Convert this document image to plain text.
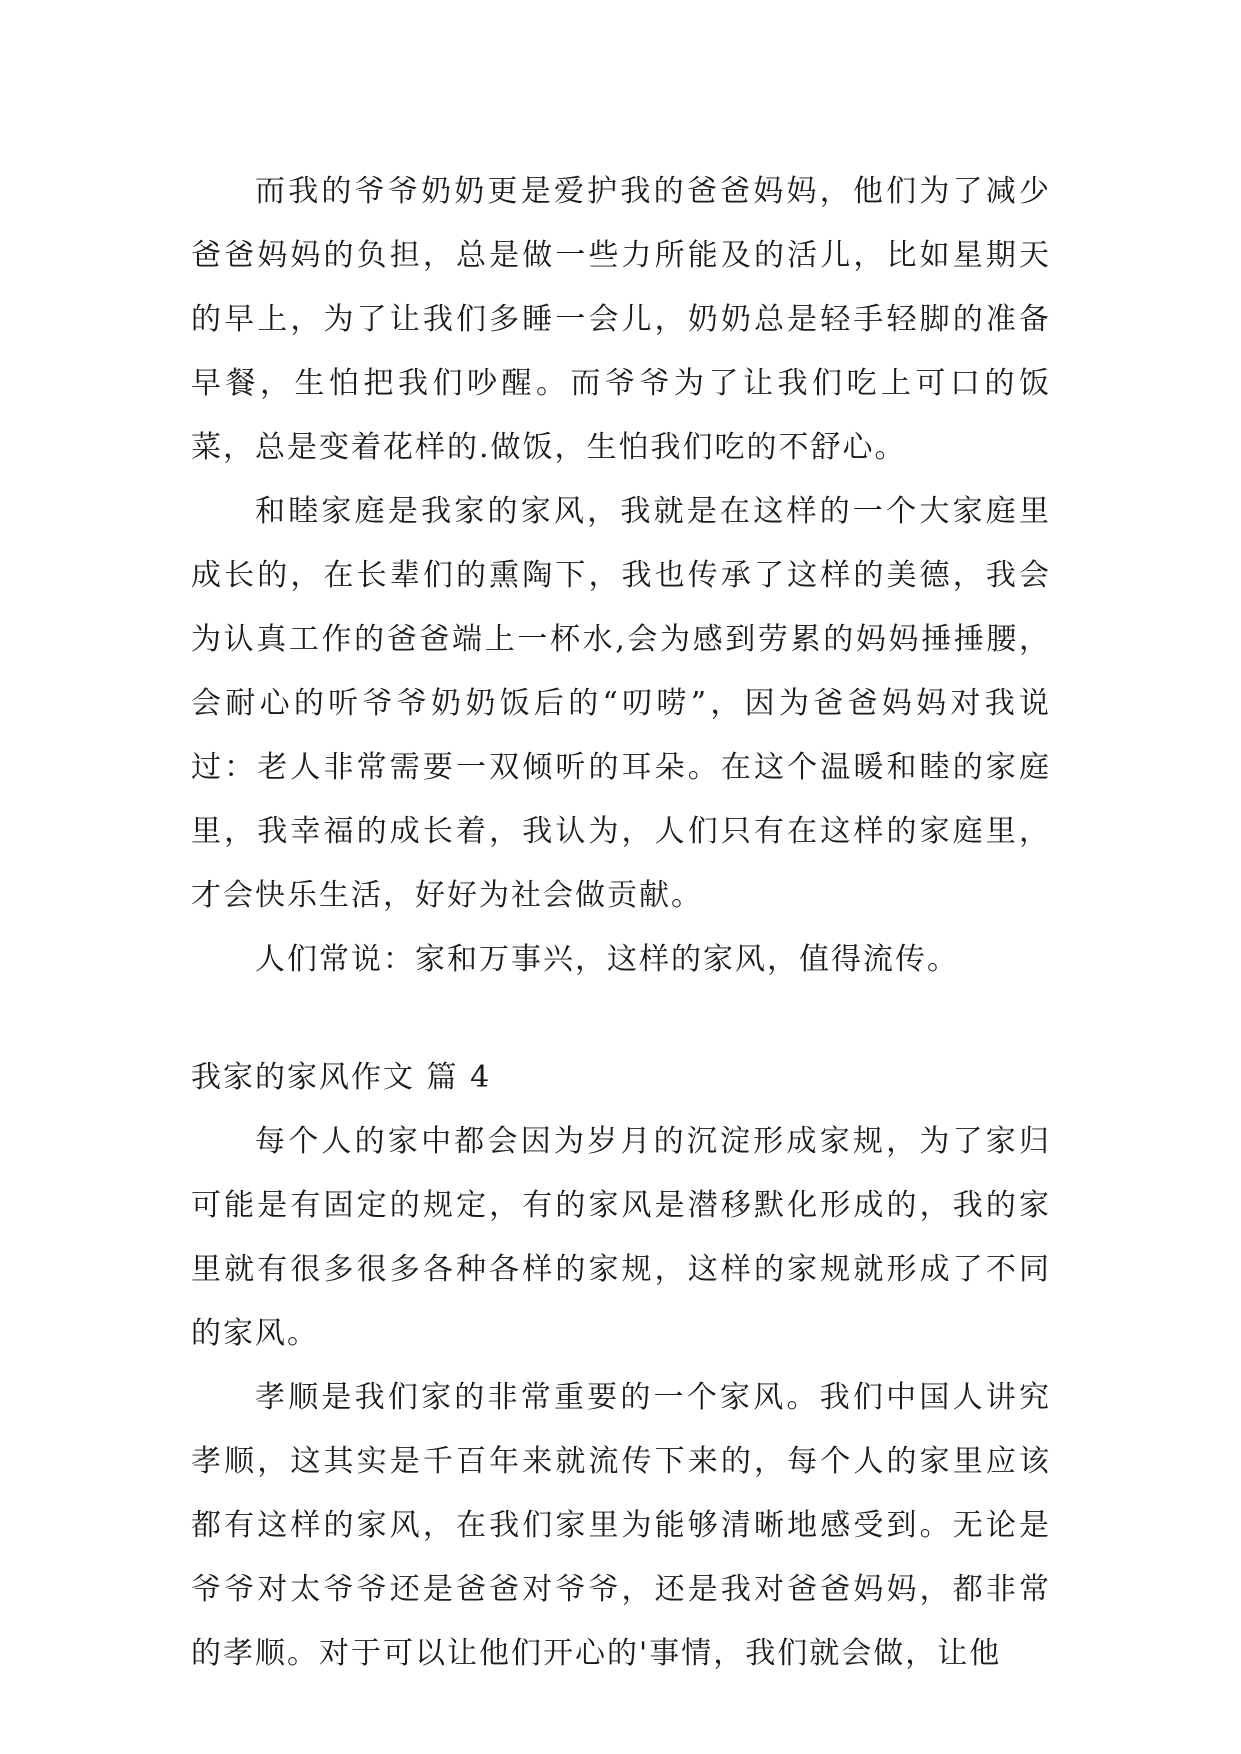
而我的爷爷奶奶更是爱护我的爸爸妈妈，他们为了减少爸爸妈妈的负担，总是做一些力所能及的活儿，比如星期天的早上，为了让我们多睡一会儿，奶奶总是轻手轻脚的准备早餐，生怕把我们吵醒。而爷爷为了让我们吃上可口的饭菜，总是变着花样的.做饭，生怕我们吃的不舒心。

和睦家庭是我家的家风，我就是在这样的一个大家庭里成长的，在长辈们的熏陶下，我也传承了这样的美德，我会为认真工作的爸爸端上一杯水,会为感到劳累的妈妈捶捶腰，会耐心的听爷爷奶奶饭后的“叨唠”，因为爸爸妈妈对我说过：老人非常需要一双倾听的耳朵。在这个温暖和睦的家庭里，我幸福的成长着，我认为，人们只有在这样的家庭里，才会快乐生活，好好为社会做贡献。

人们常说：家和万事兴，这样的家风，值得流传。

我家的家风作文 篇 4

每个人的家中都会因为岁月的沉淀形成家规，为了家归可能是有固定的规定，有的家风是潜移默化形成的，我的家里就有很多很多各种各样的家规，这样的家规就形成了不同的家风。

孝顺是我们家的非常重要的一个家风。我们中国人讲究孝顺，这其实是千百年来就流传下来的，每个人的家里应该都有这样的家风，在我们家里为能够清晰地感受到。无论是爷爷对太爷爷还是爸爸对爷爷，还是我对爸爸妈妈，都非常的孝顺。对于可以让他们开心的'事情，我们就会做，让他
